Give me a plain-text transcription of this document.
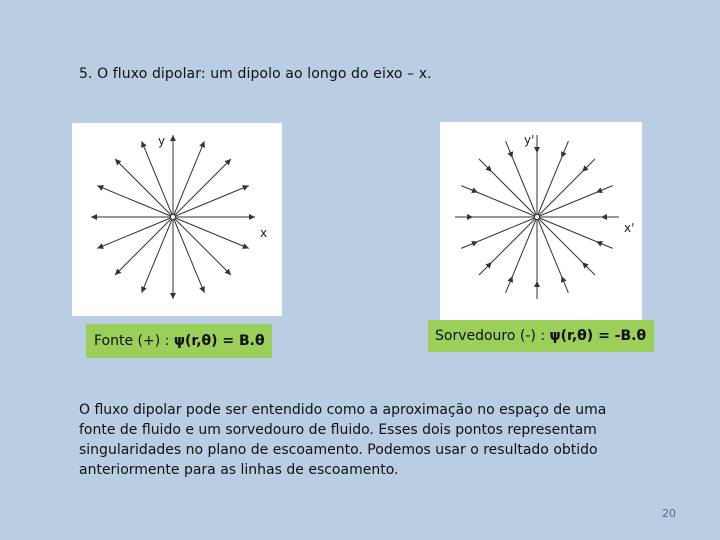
5. O fluxo dipolar: um dipolo ao longo do eixo – x.
y
x
y'
x'
Fonte (+) :
ψ(r,θ) = B.θ	Sorvedouro (-) :
ψ(r,θ) = -B.θ
O fluxo dipolar pode ser entendido como a aproximação no espaço de uma fonte de fluido e um sorvedouro de fluido. Esses dois pontos representam singularidades no plano de escoamento. Podemos usar o resultado obtido anteriormente para as linhas de escoamento.
20
